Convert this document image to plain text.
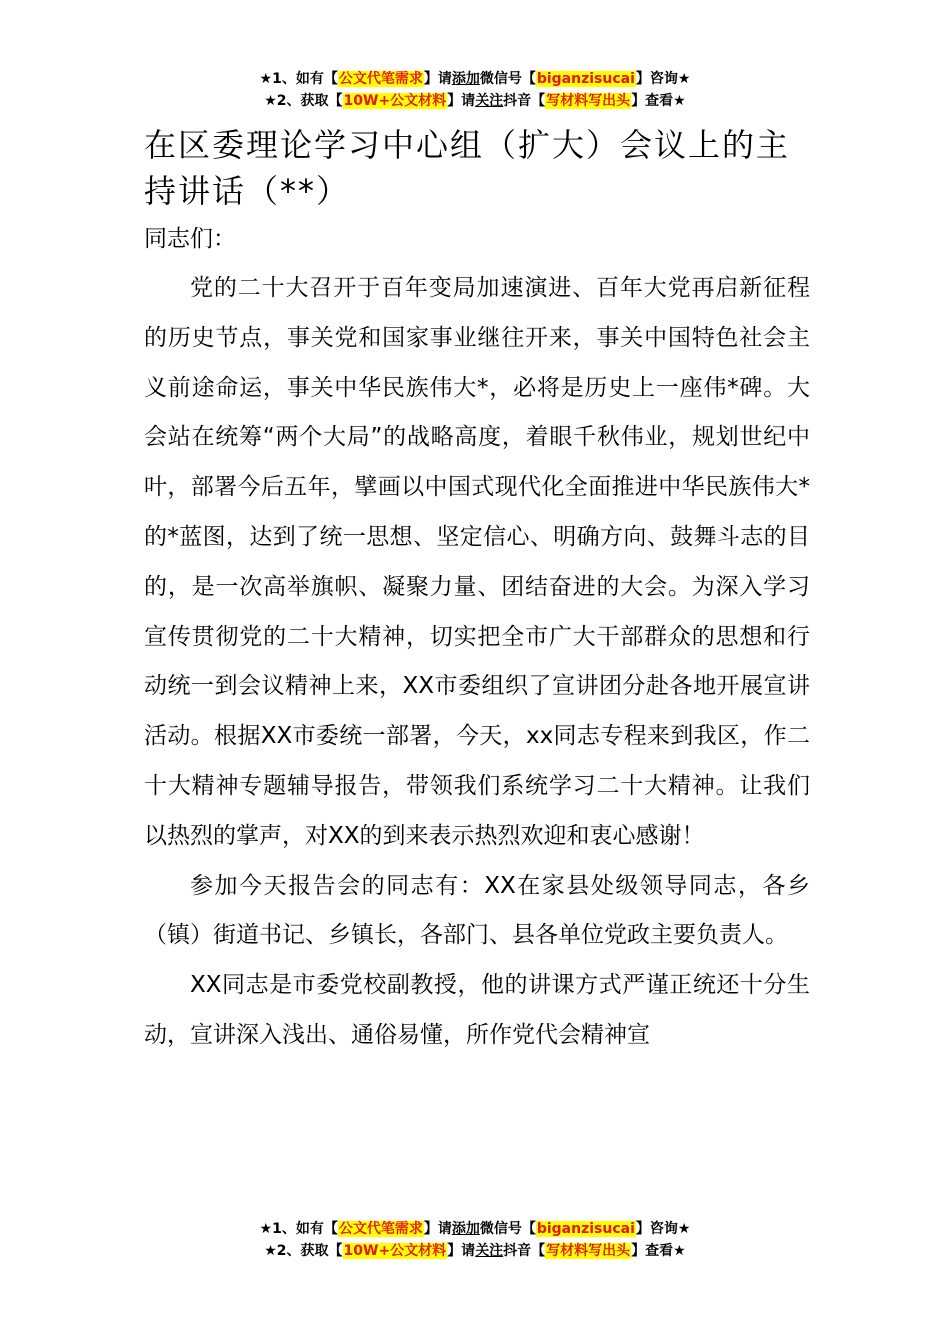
★1、如有【公文代笔需求】请添加微信号【biganzisucai】咨询★
★2、获取【10W+公文材料】请关注抖音【写材料写出头】查看★
在区委理论学习中心组（扩大）会议上的主持讲话（**）

同志们：

党的二十大召开于百年变局加速演进、百年大党再启新征程的历史节点，事关党和国家事业继往开来，事关中国特色社会主义前途命运，事关中华民族伟大*，必将是历史上一座伟*碑。大会站在统筹“两个大局”的战略高度，着眼千秋伟业，规划世纪中叶，部署今后五年，擘画以中国式现代化全面推进中华民族伟大*的*蓝图，达到了统一思想、坚定信心、明确方向、鼓舞斗志的目的，是一次高举旗帜、凝聚力量、团结奋进的大会。为深入学习宣传贯彻党的二十大精神，切实把全市广大干部群众的思想和行动统一到会议精神上来，XX市委组织了宣讲团分赴各地开展宣讲活动。根据XX市委统一部署，今天，xx同志专程来到我区，作二十大精神专题辅导报告，带领我们系统学习二十大精神。让我们以热烈的掌声，对XX的到来表示热烈欢迎和衷心感谢！

参加今天报告会的同志有：XX在家县处级领导同志，各乡（镇）街道书记、乡镇长，各部门、县各单位党政主要负责人。

XX同志是市委党校副教授，他的讲课方式严谨正统还十分生动，宣讲深入浅出、通俗易懂，所作党代会精神宣

★1、如有【公文代笔需求】请添加微信号【biganzisucai】咨询★
★2、获取【10W+公文材料】请关注抖音【写材料写出头】查看★
